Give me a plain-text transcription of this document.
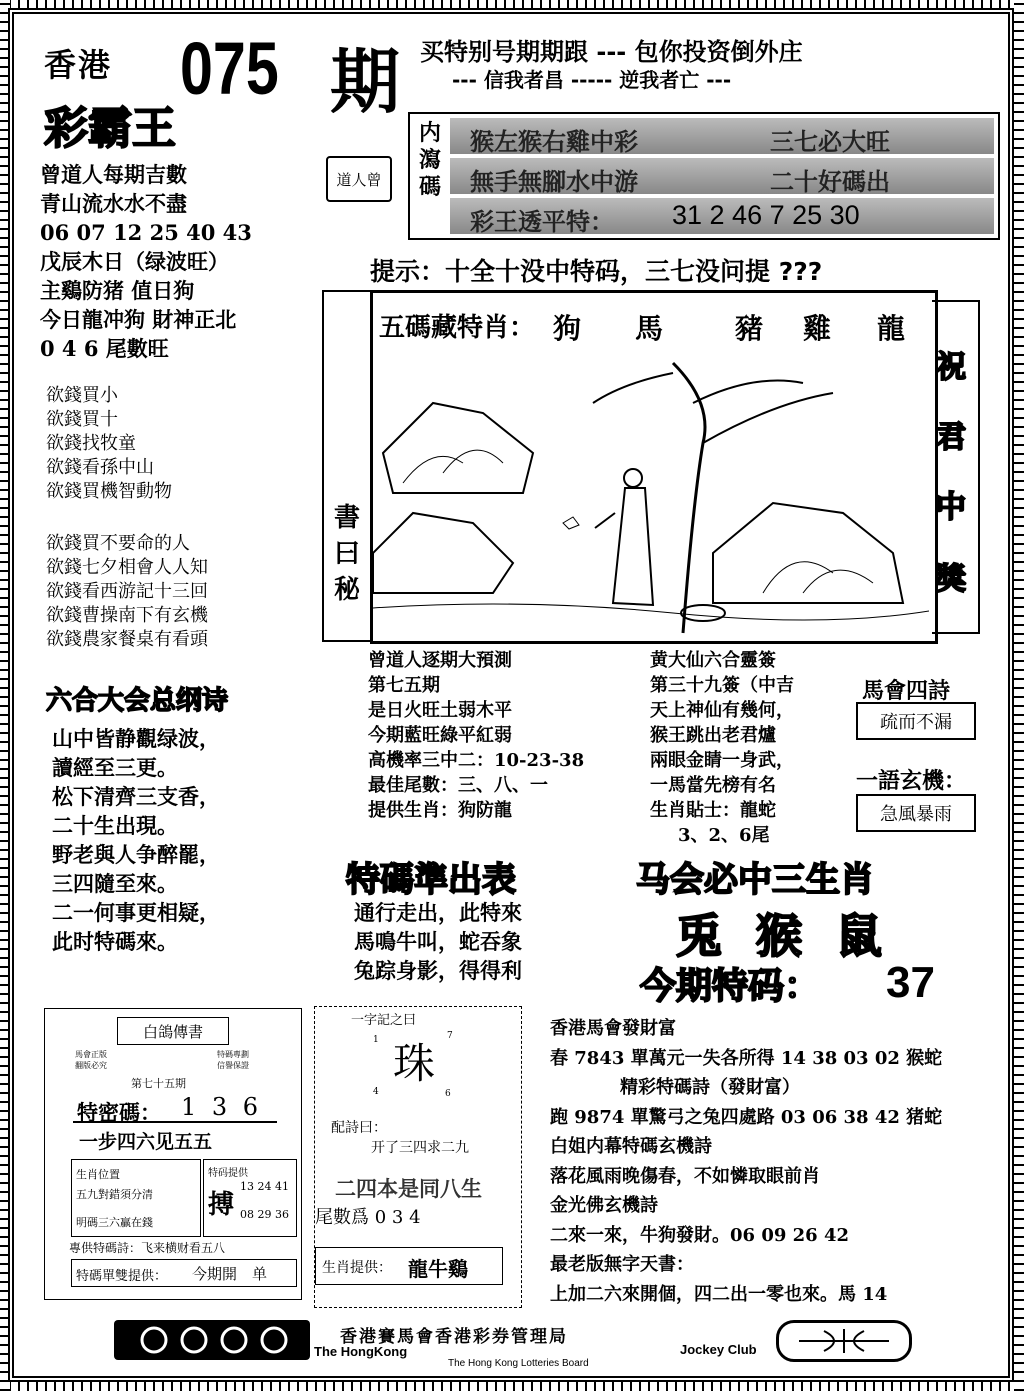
香港 075 期
彩霸王
买特别号期期跟 --- 包你投资倒外庄
--- 信我者昌 ----- 逆我者亡 ---
曾道人每期吉數
青山流水水不盡
06 07 12 25 40 43
戊辰木日（绿波旺）
主鷄防猪 值日狗
今日龍冲狗 財神正北
0 4 6 尾數旺
欲錢買小
欲錢買十
欲錢找牧童
欲錢看孫中山
欲錢買機智動物
欲錢買不要命的人
欲錢七夕相會人人知
欲錢看西游記十三回
欲錢曹操南下有玄機
欲錢農家餐桌有看頭
道人曾
内瀉碼
猴左猴右雞中彩	三七必大旺
無手無腳水中游	二十好碼出
彩王透平特： 31 2 46 7 25 30
提示：十全十没中特码，三七没问提 ???
書曰秘
五碼藏特肖： 狗 馬	豬 雞 龍
祝
君
中
獎
曾道人逐期大預測
第七五期
是日火旺土弱木平
今期藍旺綠平紅弱
高機率三中二：10-23-38
最佳尾數：三、八、一
提供生肖：狗防龍
黄大仙六合靈簽
第三十九簽（中吉
天上神仙有幾何，
猴王跳出老君爐
兩眼金睛一身武，
一馬當先榜有名
生肖貼士：龍蛇
3、2、6尾
馬會四詩
疏而不漏
一語玄機：
急風暴雨
六合大会总纲诗
山中皆静觀绿波，
讀經至三更。
松下清齊三支香，
二十生出現。
野老與人争醉罷，
三四隨至來。
二一何事更相疑，
此时特碼來。
特碼準出表
通行走出，此特來
馬鳴牛叫，蛇吞象
兔踪身影，得得利
马会必中三生肖
兎猴鼠
今期特码： 37
白鴿傳書
馬會正版
翻版必究
特碼專劃
信譽保證
第七十五期
特密碼： 1 3 6
一步四六见五五
生肖位置
五九對錯須分清
明碼三六贏在錢
特码提供
搏
13 24 41
08 29 36
專供特碼詩：飞来横财看五八
特碼單雙提供： 今期開　单
一字記之曰
1	7
珠
4	6
配詩曰：
开了三四求二九
二四本是同八生
尾數爲 0 3 4
生肖提供： 龍牛鷄
香港馬會發財富
春 7843 單萬元一失各所得 14 38 03 02 猴蛇
精彩特碼詩（發財富）
跑 9874 單驚弓之兔四處路 03 06 38 42 猪蛇
白姐内幕特碼玄機詩
落花風雨晚傷春，不如憐取眼前肖
金光佛玄機詩
二來一來，牛狗發財。06 09 26 42
最老版無字天書：
上加二六來開個，四二出一零也來。馬 14
香港賽馬會香港彩券管理局
The HongKong	Jockey Club
The Hong Kong Lotteries Board
